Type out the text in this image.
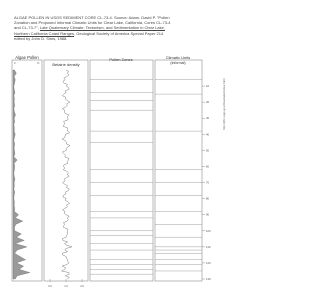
Algae Pollen
Betaine density
Pollen Zones	Climatic Units
(informal)
0	%
0.0	1.0	2.0
10
20
30
40
50
60
70
80
90
100
110
120
130
ALGAE POLLEN IN USGS SEDIMENT CORE CL-73-4. Source: Adam, David P. "Pollen
Zonation and Proposed Informal Climatic Units for Clear Lake, California, Cores CL-73-4
and CL-73-7", Late Quaternary Climate, Tectonism, and Sedimentation in Clear Lake,
Northern California Coast Ranges, Geological Society of America Special Paper 214
edited by John D. Sims, 1988.
http://qfc.usgs.gov/clearlake/index.html
